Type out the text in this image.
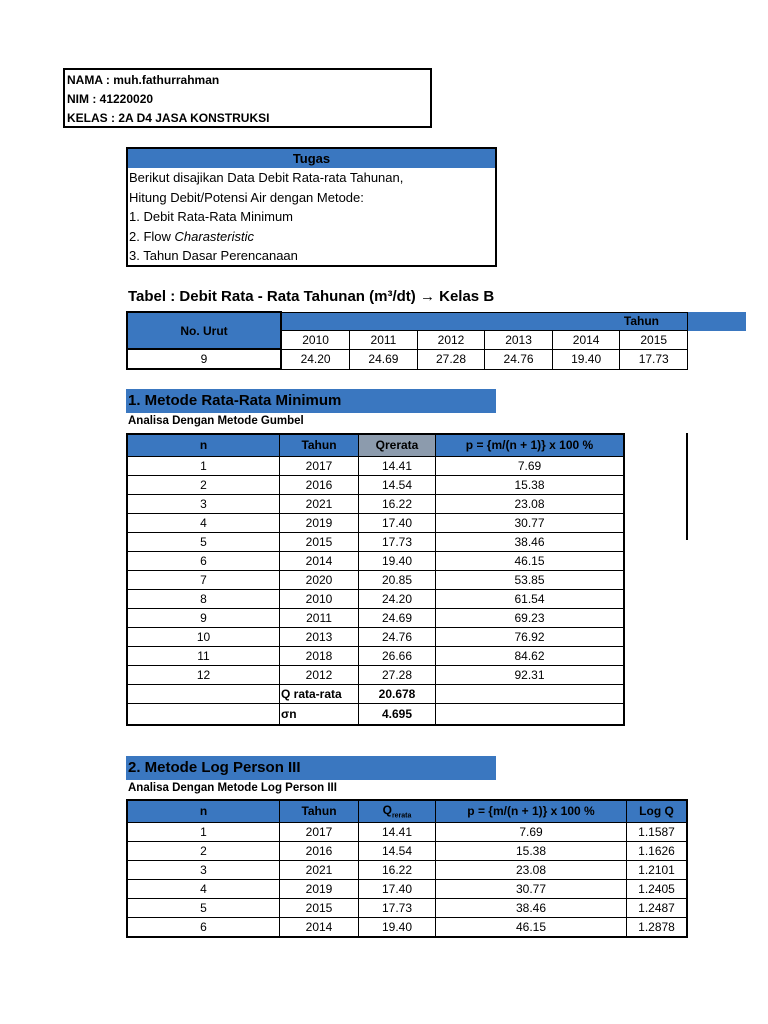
NAMA : muh.fathurrahman
NIM : 41220020
KELAS : 2A D4 JASA KONSTRUKSI
Tugas
Berikut disajikan Data Debit Rata-rata Tahunan,
Hitung Debit/Potensi Air dengan Metode:
1. Debit Rata-Rata Minimum
2. Flow Charasteristic
3. Tahun Dasar Perencanaan
Tabel : Debit Rata - Rata Tahunan (m³/dt) → Kelas B
No. Urut	Tahun					
	2010	2011	2012	2013	2014	2015
9	24.20	24.69	27.28	24.76	19.40	17.73
1. Metode Rata-Rata Minimum
Analisa Dengan Metode Gumbel
n	Tahun	Qrerata	p = {m/(n + 1)} x 100 %
1	2017	14.41	7.69
2	2016	14.54	15.38
3	2021	16.22	23.08
4	2019	17.40	30.77
5	2015	17.73	38.46
6	2014	19.40	46.15
7	2020	20.85	53.85
8	2010	24.20	61.54
9	2011	24.69	69.23
10	2013	24.76	76.92
11	2018	26.66	84.62
12	2012	27.28	92.31
	Q rata-rata	20.678	
	σn	4.695	
2. Metode Log Person III
Analisa Dengan Metode Log Person III
n	Tahun	$Q_{rerata}$	p = {m/(n + 1)} x 100 %	Log Q
1	2017	14.41	7.69	1.1587
2	2016	14.54	15.38	1.1626
3	2021	16.22	23.08	1.2101
4	2019	17.40	30.77	1.2405
5	2015	17.73	38.46	1.2487
6	2014	19.40	46.15	1.2878
